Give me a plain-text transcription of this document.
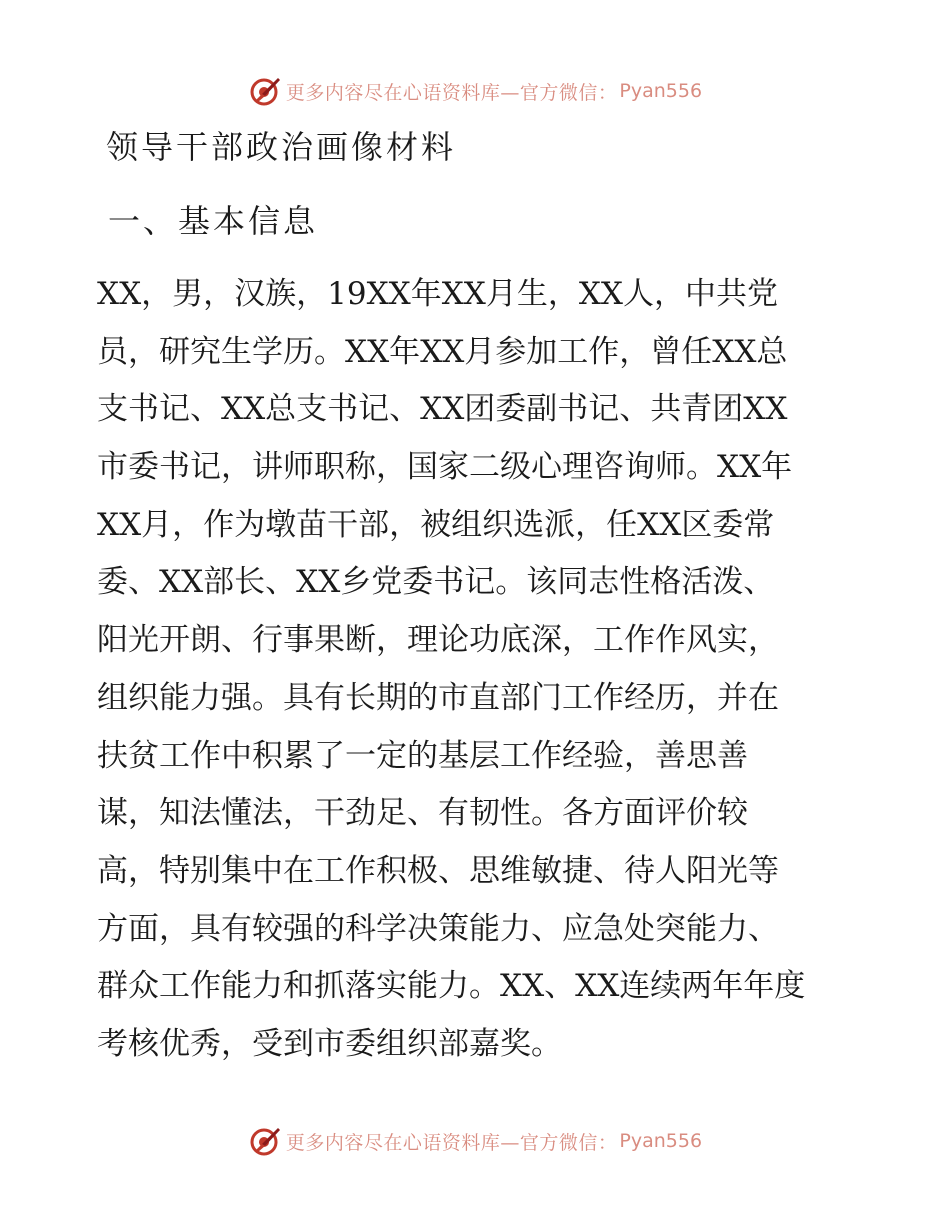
更多内容尽在心语资料库—官方微信： Pyan556
领导干部政治画像材料
一、基本信息
XX，男，汉族，19XX年XX月生，XX人，中共党
员，研究生学历。XX年XX月参加工作，曾任XX总
支书记、XX总支书记、XX团委副书记、共青团XX
市委书记，讲师职称，国家二级心理咨询师。XX年
XX月，作为墩苗干部，被组织选派，任XX区委常
委、XX部长、XX乡党委书记。该同志性格活泼、
阳光开朗、行事果断，理论功底深，工作作风实，
组织能力强。具有长期的市直部门工作经历，并在
扶贫工作中积累了一定的基层工作经验，善思善
谋，知法懂法，干劲足、有韧性。各方面评价较
高，特别集中在工作积极、思维敏捷、待人阳光等
方面，具有较强的科学决策能力、应急处突能力、
群众工作能力和抓落实能力。XX、XX连续两年年度
考核优秀，受到市委组织部嘉奖。
更多内容尽在心语资料库—官方微信： Pyan556
